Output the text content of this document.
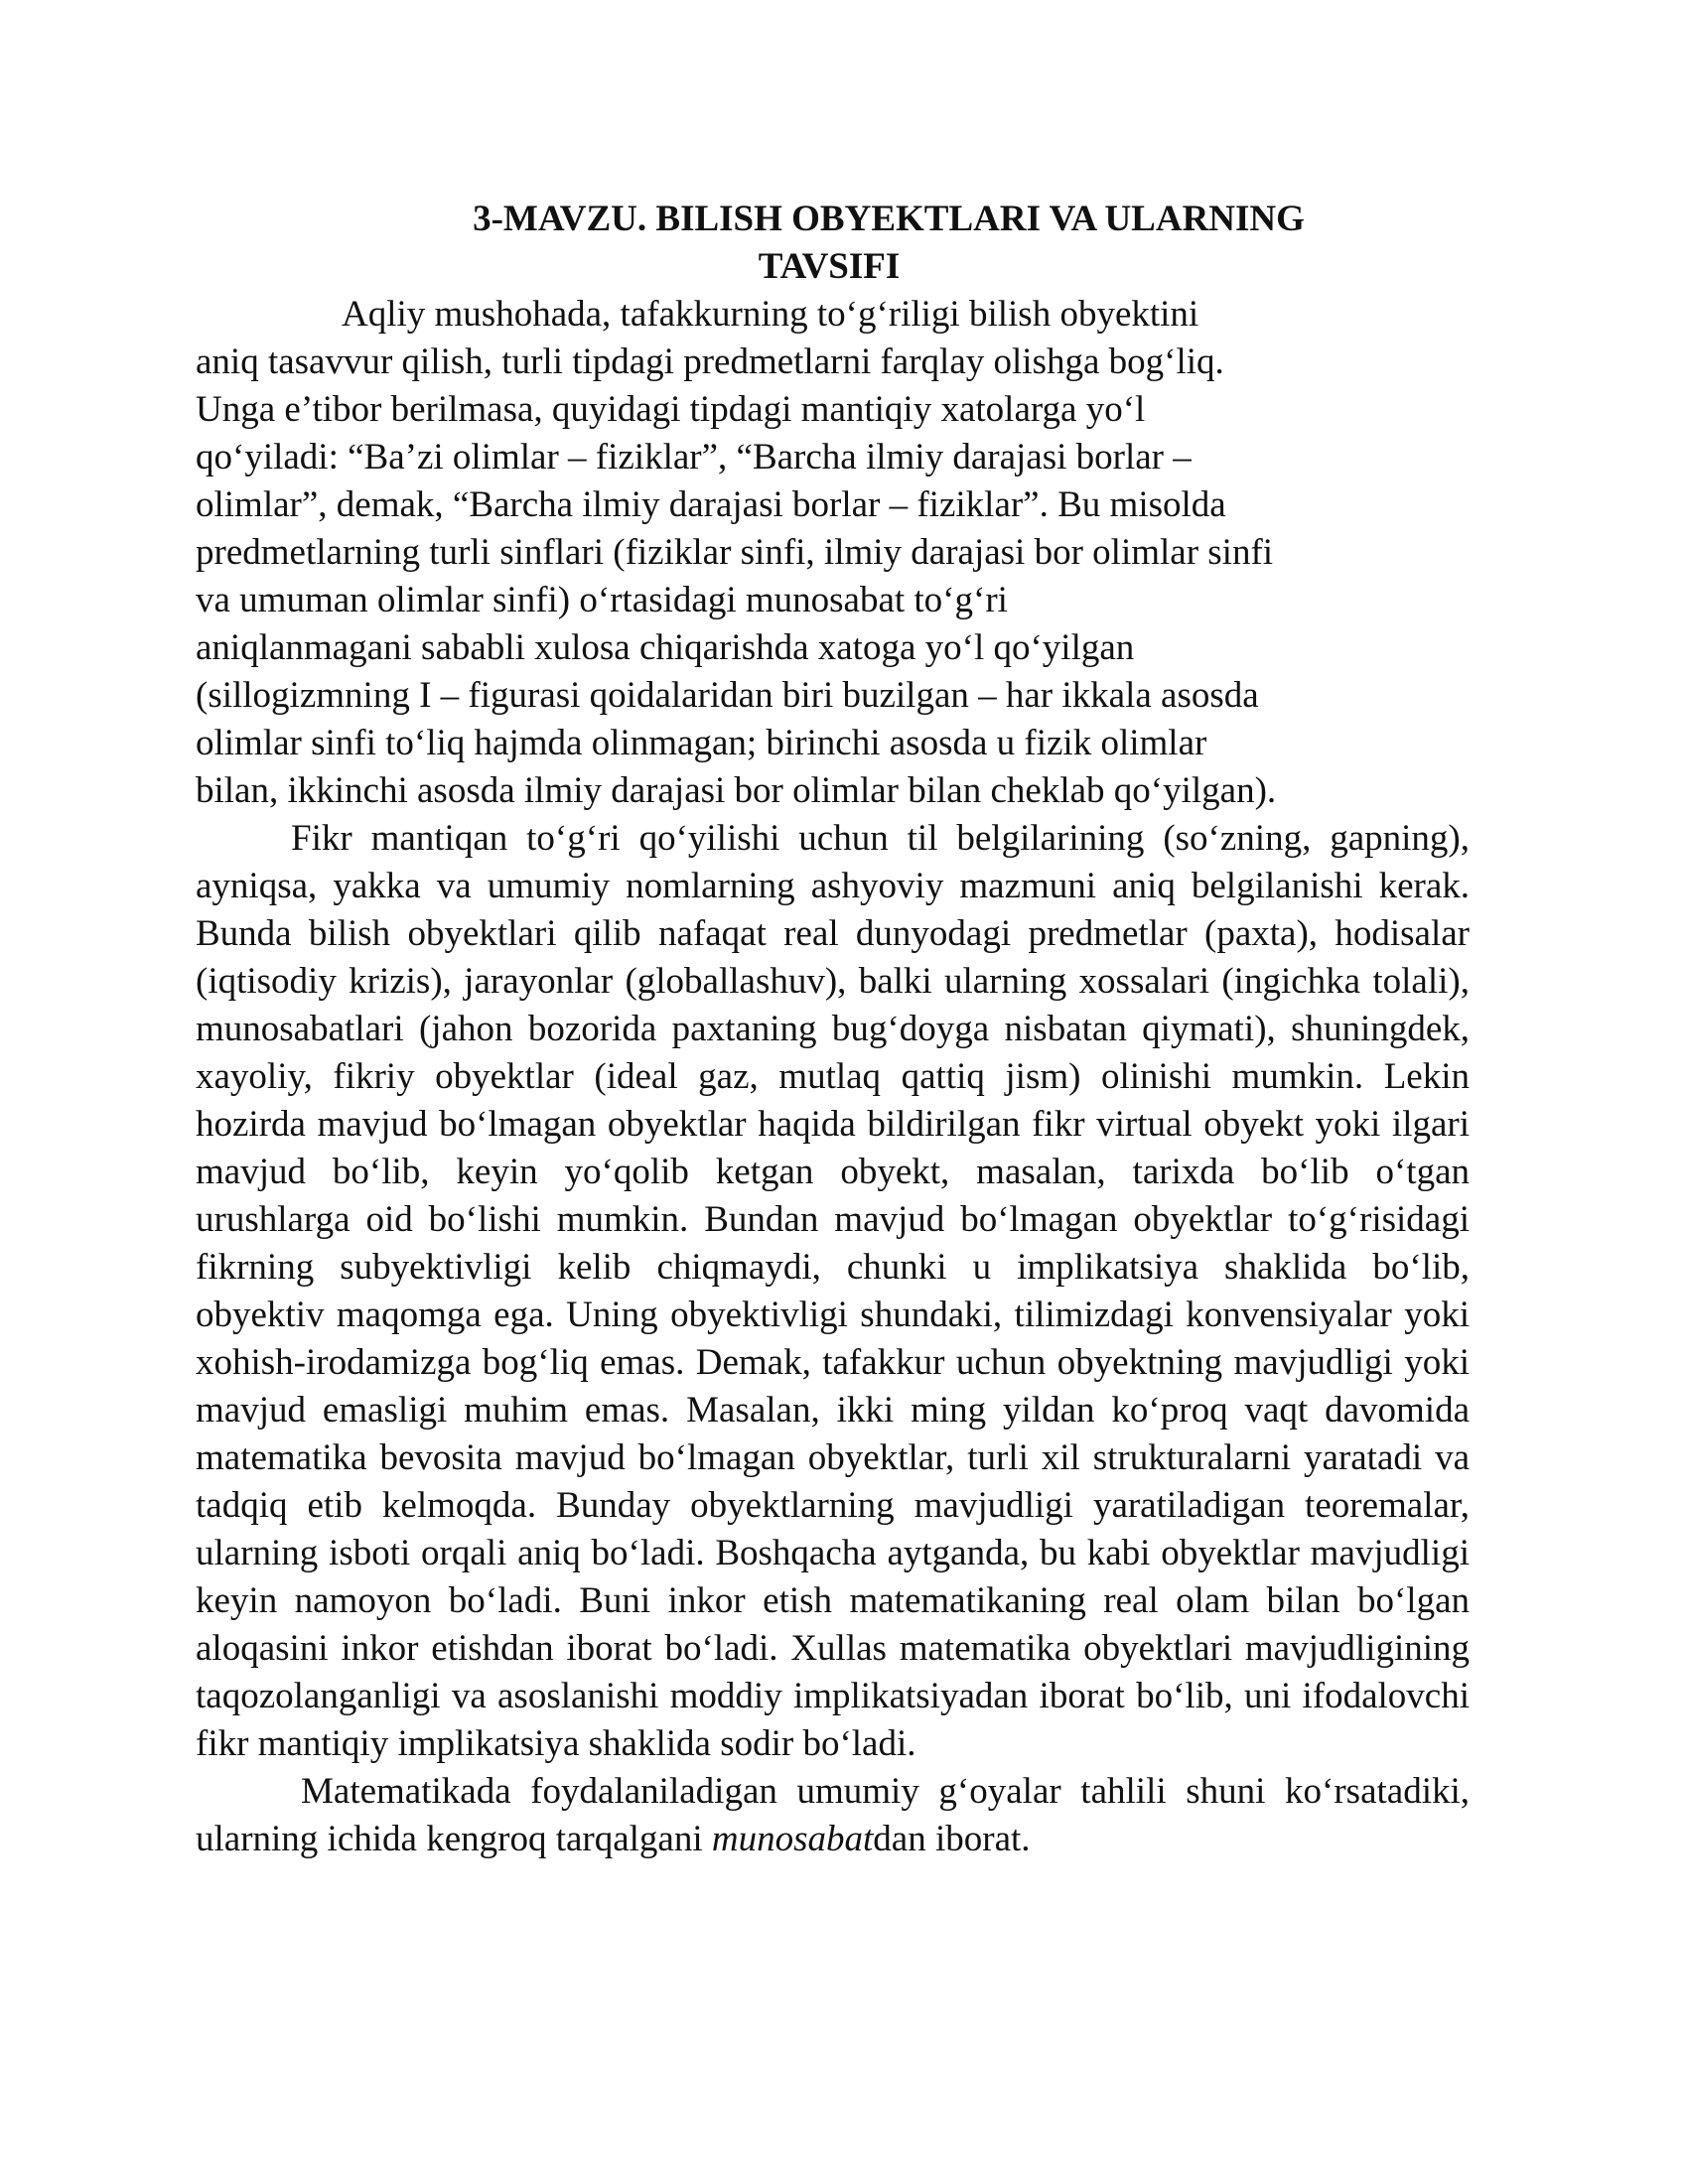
3-MAVZU. BILISH OBYEKTLARI VA ULARNING
TAVSIFI

Aqliy mushohada, tafakkurning to‘g‘riligi bilish obyektini
aniq tasavvur qilish, turli tipdagi predmetlarni farqlay olishga bog‘liq.
Unga e’tibor berilmasa, quyidagi tipdagi mantiqiy xatolarga yo‘l
qo‘yiladi: “Ba’zi olimlar – fiziklar”, “Barcha ilmiy darajasi borlar –
olimlar”, demak, “Barcha ilmiy darajasi borlar – fiziklar”. Bu misolda
predmetlarning turli sinflari (fiziklar sinfi, ilmiy darajasi bor olimlar sinfi
va umuman olimlar sinfi) o‘rtasidagi munosabat to‘g‘ri
aniqlanmagani sababli xulosa chiqarishda xatoga yo‘l qo‘yilgan
(sillogizmning I – figurasi qoidalaridan biri buzilgan – har ikkala asosda
olimlar sinfi to‘liq hajmda olinmagan; birinchi asosda u fizik olimlar
bilan, ikkinchi asosda ilmiy darajasi bor olimlar bilan cheklab qo‘yilgan).

Fikr mantiqan to‘g‘ri qo‘yilishi uchun til belgilarining (so‘zning, gapning), ayniqsa, yakka va umumiy nomlarning ashyoviy mazmuni aniq belgilanishi kerak. Bunda bilish obyektlari qilib nafaqat real dunyodagi predmetlar (paxta), hodisalar (iqtisodiy krizis), jarayonlar (globallashuv), balki ularning xossalari (ingichka tolali), munosabatlari (jahon bozorida paxtaning bug‘doyga nisbatan qiymati), shuningdek, xayoliy, fikriy obyektlar (ideal gaz, mutlaq qattiq jism) olinishi mumkin. Lekin hozirda mavjud bo‘lmagan obyektlar haqida bildirilgan fikr virtual obyekt yoki ilgari mavjud bo‘lib, keyin yo‘qolib ketgan obyekt, masalan, tarixda bo‘lib o‘tgan urushlarga oid bo‘lishi mumkin. Bundan mavjud bo‘lmagan obyektlar to‘g‘risidagi fikrning subyektivligi kelib chiqmaydi, chunki u implikatsiya shaklida bo‘lib, obyektiv maqomga ega. Uning obyektivligi shundaki, tilimizdagi konvensiyalar yoki xohish-irodamizga bog‘liq emas. Demak, tafakkur uchun obyektning mavjudligi yoki mavjud emasligi muhim emas. Masalan, ikki ming yildan ko‘proq vaqt davomida matematika bevosita mavjud bo‘lmagan obyektlar, turli xil strukturalarni yaratadi va tadqiq etib kelmoqda. Bunday obyektlarning mavjudligi yaratiladigan teoremalar, ularning isboti orqali aniq bo‘ladi. Boshqacha aytganda, bu kabi obyektlar mavjudligi keyin namoyon bo‘ladi. Buni inkor etish matematikaning real olam bilan bo‘lgan aloqasini inkor etishdan iborat bo‘ladi. Xullas matematika obyektlari mavjudligining taqozolanganligi va asoslanishi moddiy implikatsiyadan iborat bo‘lib, uni ifodalovchi fikr mantiqiy implikatsiya shaklida sodir bo‘ladi.

Matematikada foydalaniladigan umumiy g‘oyalar tahlili shuni ko‘rsatadiki, ularning ichida kengroq tarqalgani munosabatdan iborat.
